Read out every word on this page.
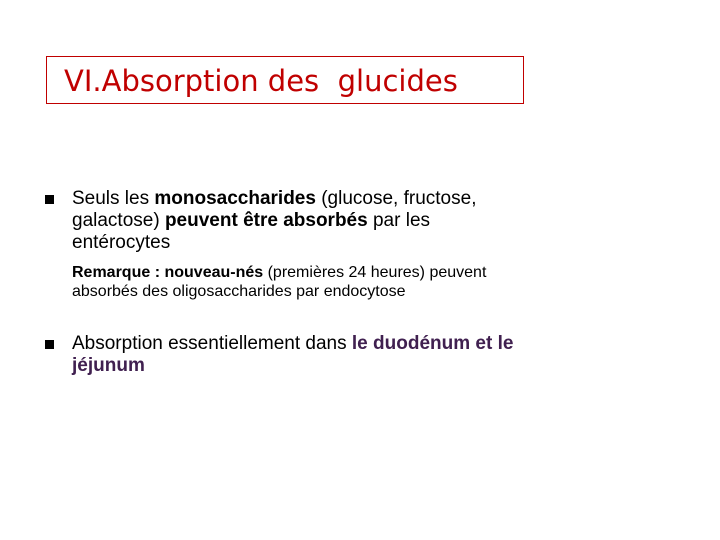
VI.Absorption des  glucides
Seuls les monosaccharides (glucose, fructose,
galactose) peuvent être absorbés par les
entérocytes
Remarque : nouveau-nés (premières 24 heures) peuvent
absorbés des oligosaccharides par endocytose
Absorption essentiellement dans le duodénum et le
jéjunum
